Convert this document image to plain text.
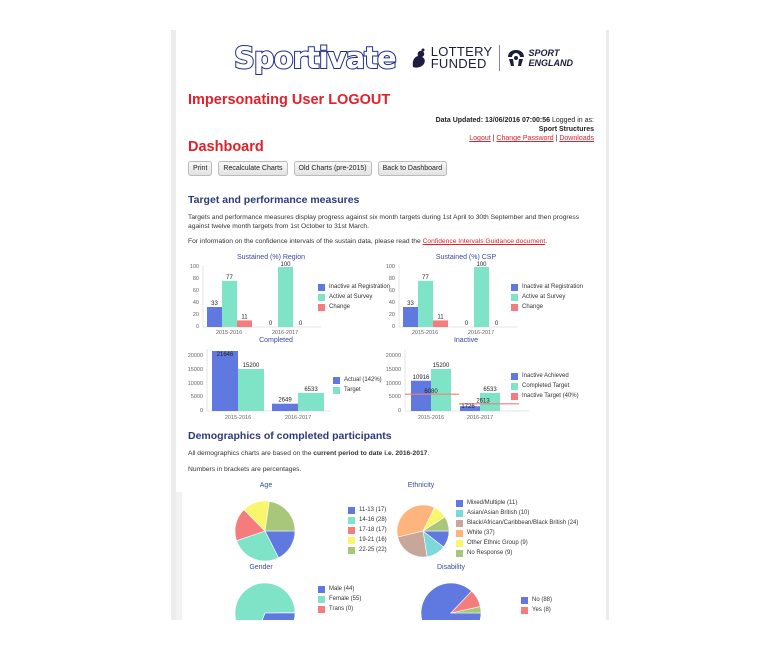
Sportivate	LOTTERY
FUNDED
SPORT
ENGLAND
Impersonating User LOGOUT
Data Updated: 13/06/2016 07:00:56 Logged in as:
Sport Structures
Logout | Change Password | Downloads
Dashboard
Print	Recalculate Charts	Old Charts (pre-2015)	Back to Dashboard
Target and performance measures
Targets and performance measures display progress against six month targets during 1st April to 30th September and then progress against twelve month targets from 1st October to 31st March.
For information on the confidence intervals of the sustain data, please read the Confidence Intervals Guidance document.
Sustained (%) Region
100
80
60
40
20
0
33
77
11
0
100
0
2015-2016	2016-2017
Inactive at Registration
Active at Survey
Change
Sustained (%) CSP
100
80
60
40
20
0
33
77
11
0
100
0
2015-2016	2016-2017
Inactive at Registration
Active at Survey
Change
Completed
20000
15000
10000
5000
0
21646
15200
2649
6533
2015-2016	2016-2017
Actual (142%)
Target
Inactive
20000
15000
10000
5000
0
10916
15200
6080
1726
2613
6533
2015-2016	2016-2017
Inactive Achieved
Completed Target
Inactive Target (40%)
Demographics of completed participants
All demographics charts are based on the current period to date i.e. 2016-2017.
Numbers in brackets are percentages.
Age
11-13 (17)
14-16 (28)
17-18 (17)
19-21 (16)
22-25 (22)
Ethnicity
Mixed/Multiple (11)
Asian/Asian British (10)
Black/African/Caribbean/Black British (24)
White (37)
Other Ethnic Group (9)
No Response (9)
Gender
Male (44)
Female (55)
Trans (0)
Disability
No (88)
Yes (8)
